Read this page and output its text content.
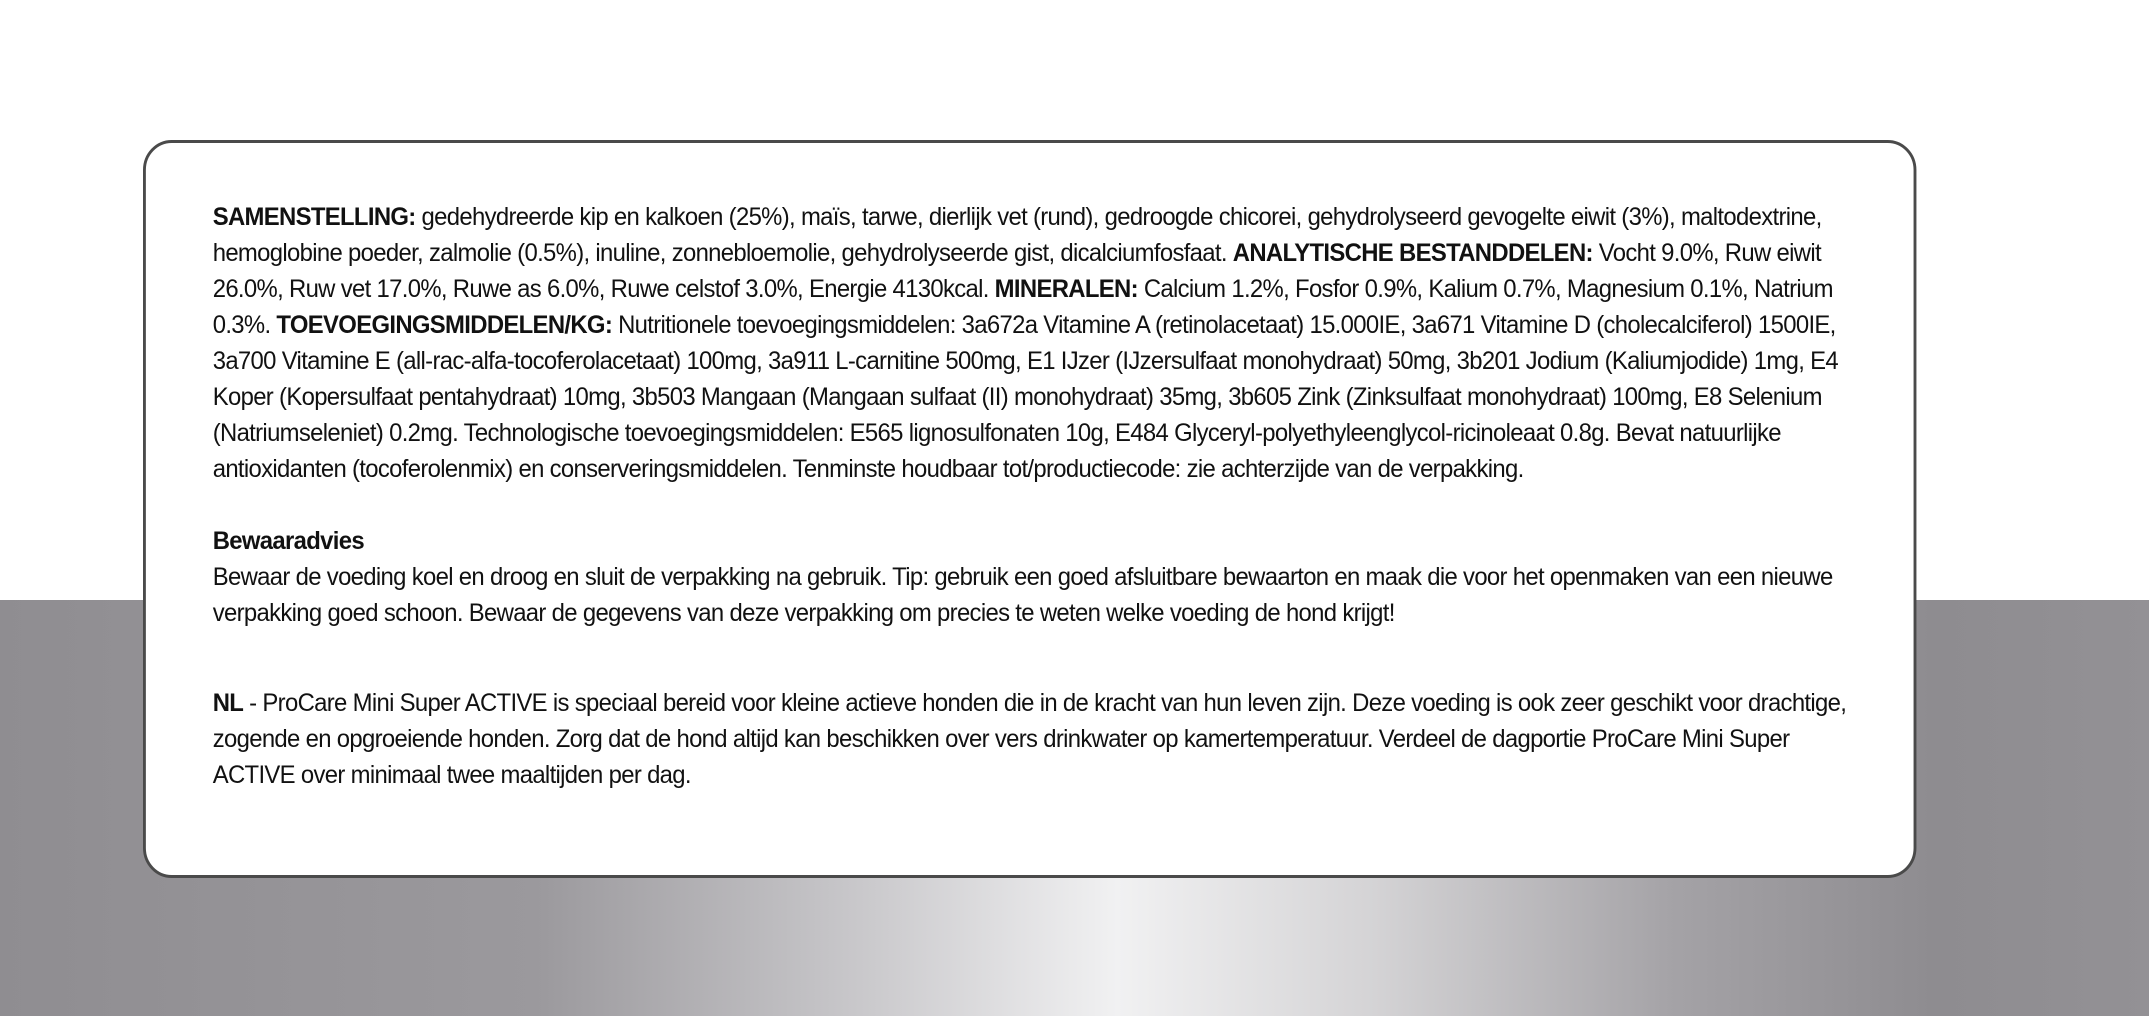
SAMENSTELLING: gedehydreerde kip en kalkoen (25%), maïs, tarwe, dierlijk vet (rund), gedroogde chicorei, gehydrolyseerd gevogelte eiwit (3%), maltodextrine, hemoglobine poeder, zalmolie (0.5%), inuline, zonnebloemolie, gehydrolyseerde gist, dicalciumfosfaat. ANALYTISCHE BESTANDDELEN: Vocht 9.0%, Ruw eiwit 26.0%, Ruw vet 17.0%, Ruwe as 6.0%, Ruwe celstof 3.0%, Energie 4130kcal. MINERALEN: Calcium 1.2%, Fosfor 0.9%, Kalium 0.7%, Magnesium 0.1%, Natrium 0.3%. TOEVOEGINGSMIDDELEN/KG: Nutritionele toevoegingsmiddelen: 3a672a Vitamine A (retinolacetaat) 15.000IE, 3a671 Vitamine D (cholecalciferol) 1500IE, 3a700 Vitamine E (all-rac-alfa-tocoferolacetaat) 100mg, 3a911 L-carnitine 500mg, E1 IJzer (IJzersulfaat monohydraat) 50mg, 3b201 Jodium (Kaliumjodide) 1mg, E4 Koper (Kopersulfaat pentahydraat) 10mg, 3b503 Mangaan (Mangaan sulfaat (II) monohydraat) 35mg, 3b605 Zink (Zinksulfaat monohydraat) 100mg, E8 Selenium (Natriumseleniet) 0.2mg. Technologische toevoegingsmiddelen: E565 lignosulfonaten 10g, E484 Glyceryl-polyethyleenglycol-ricinoleaat 0.8g. Bevat natuurlijke antioxidanten (tocoferolenmix) en conserveringsmiddelen. Tenminste houdbaar tot/productiecode: zie achterzijde van de verpakking.

Bewaaradvies

Bewaar de voeding koel en droog en sluit de verpakking na gebruik. Tip: gebruik een goed afsluitbare bewaarton en maak die voor het openmaken van een nieuwe verpakking goed schoon. Bewaar de gegevens van deze verpakking om precies te weten welke voeding de hond krijgt!

NL - ProCare Mini Super ACTIVE is speciaal bereid voor kleine actieve honden die in de kracht van hun leven zijn. Deze voeding is ook zeer geschikt voor drachtige, zogende en opgroeiende honden. Zorg dat de hond altijd kan beschikken over vers drinkwater op kamertemperatuur. Verdeel de dagportie ProCare Mini Super ACTIVE over minimaal twee maaltijden per dag.
